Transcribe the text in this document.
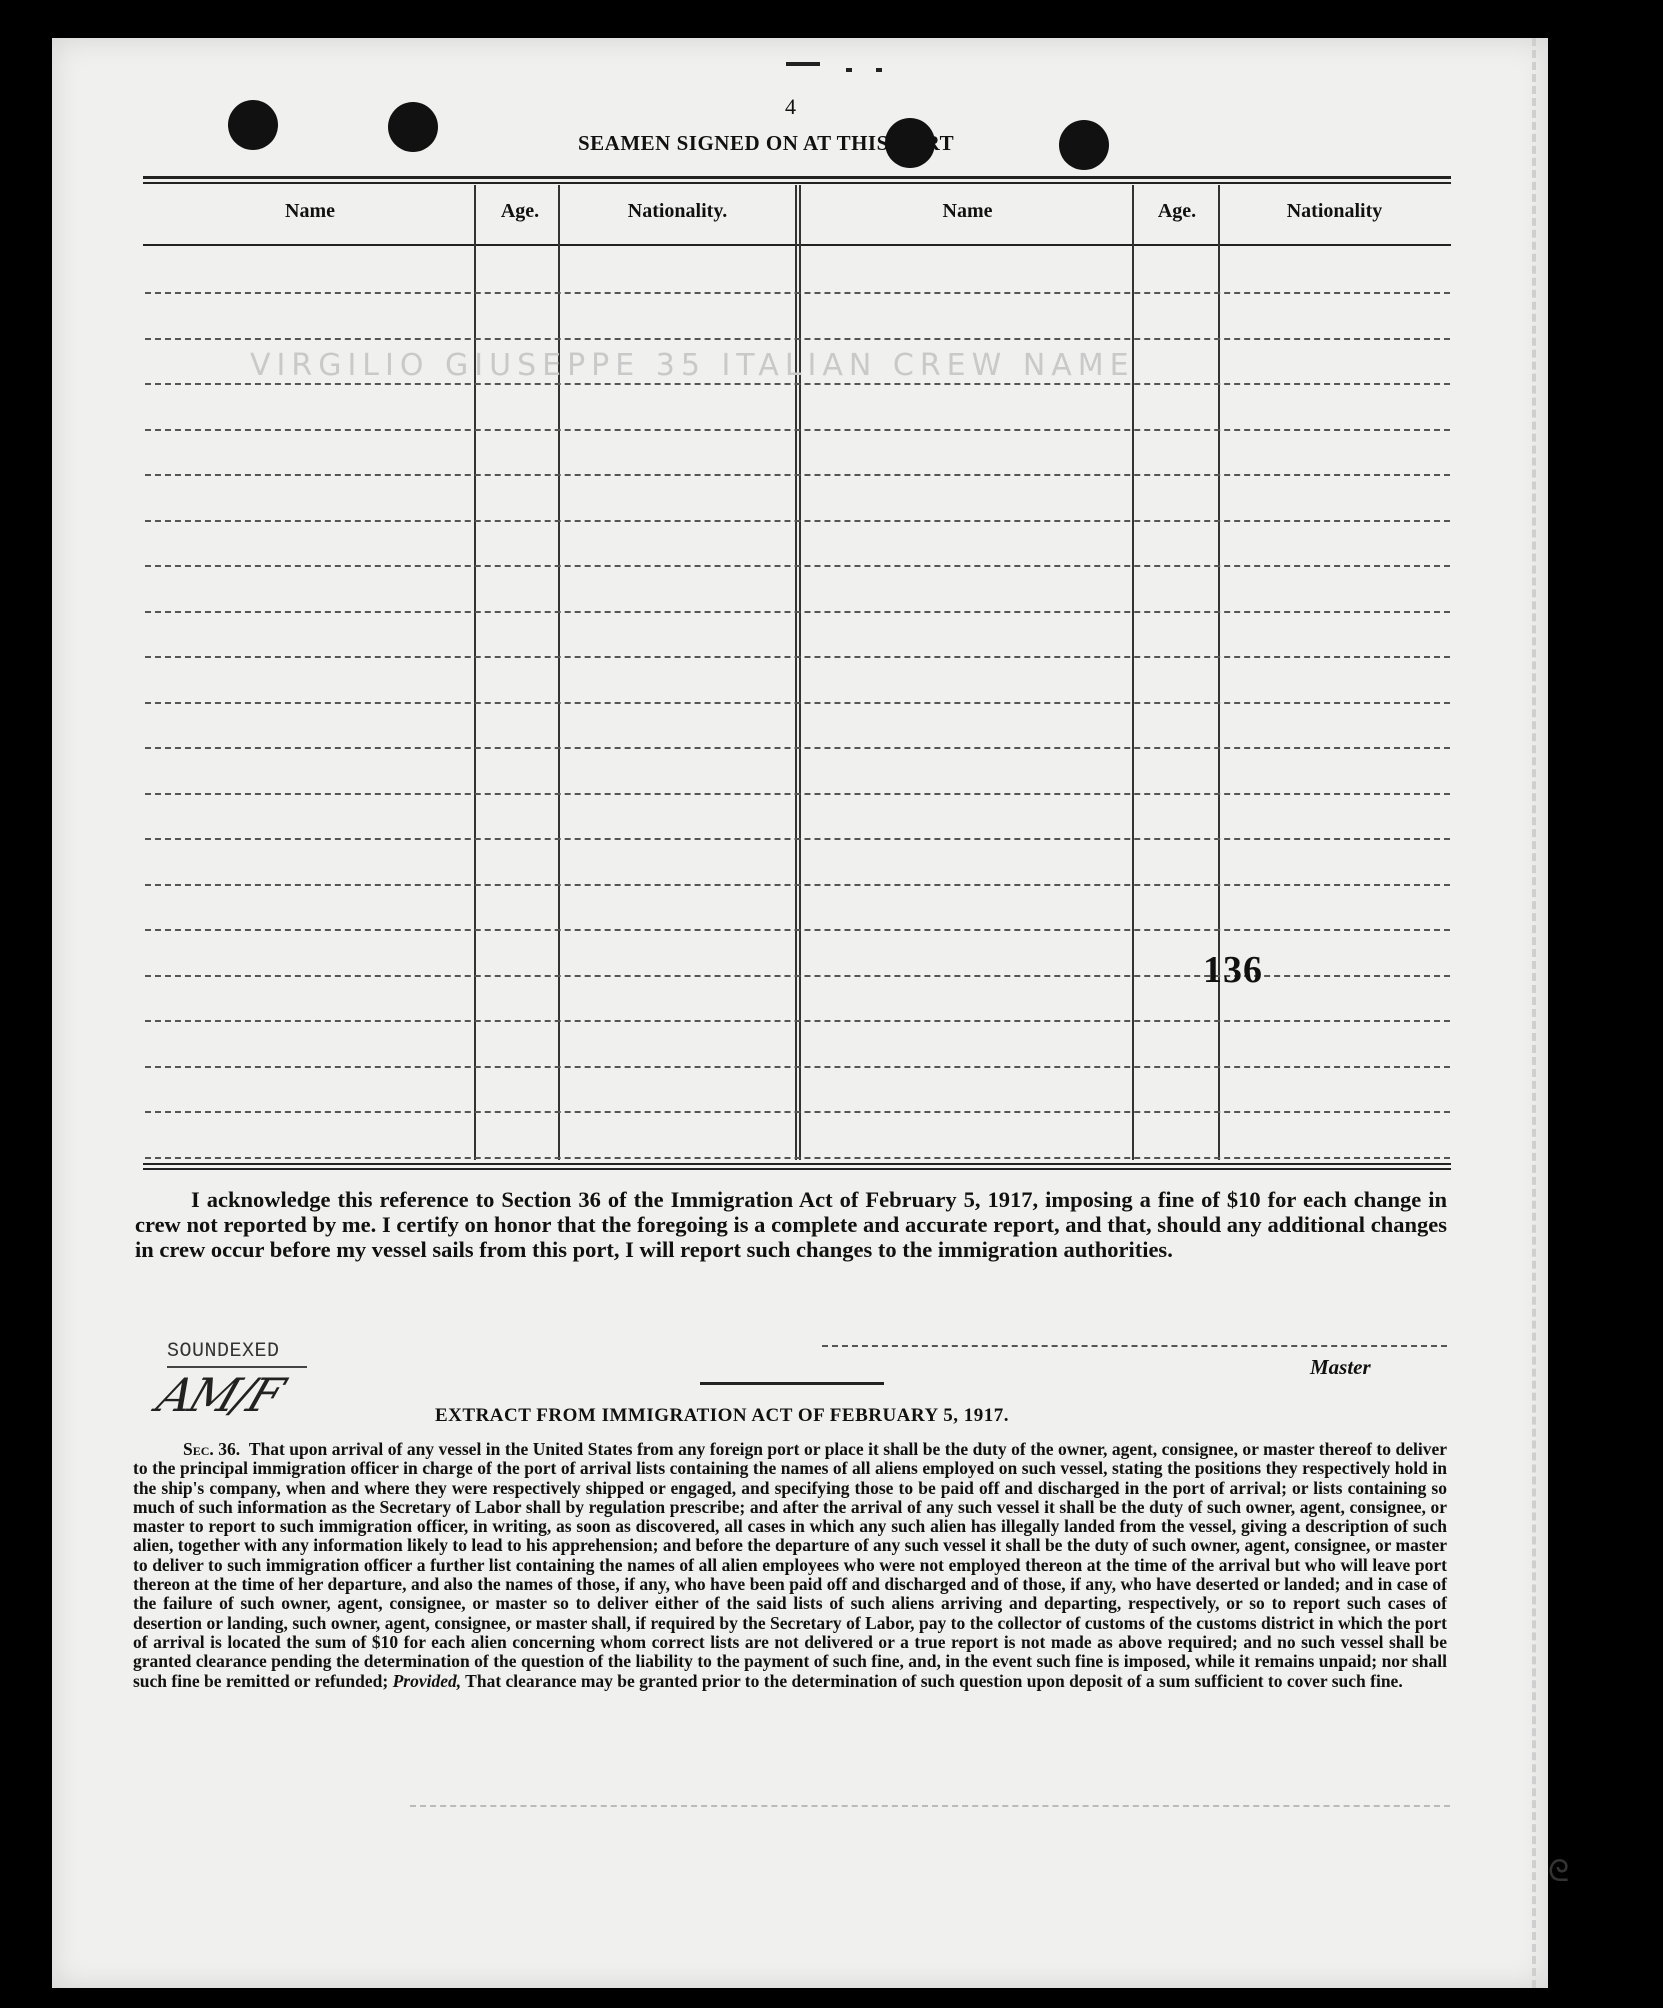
4
SEAMEN SIGNED ON AT THIS PORT
Name	Age.	Nationality.	Name	Age.	Nationality
VIRGILIO GIUSEPPE 35 ITALIAN CREW NAME
136

I acknowledge this reference to Section 36 of the Immigration Act of February 5, 1917, imposing a fine of $10 for each change in crew not reported by me. I certify on honor that the foregoing is a complete and accurate report, and that, should any additional changes in crew occur before my vessel sails from this port, I will report such changes to the immigration authorities.

SOUNDEXED
AM/F
Master
EXTRACT FROM IMMIGRATION ACT OF FEBRUARY 5, 1917.

Sec. 36. That upon arrival of any vessel in the United States from any foreign port or place it shall be the duty of the owner, agent, consignee, or master thereof to deliver to the principal immigration officer in charge of the port of arrival lists containing the names of all aliens employed on such vessel, stating the positions they respectively hold in the ship's company, when and where they were respectively shipped or engaged, and specifying those to be paid off and discharged in the port of arrival; or lists containing so much of such information as the Secretary of Labor shall by regulation prescribe; and after the arrival of any such vessel it shall be the duty of such owner, agent, consignee, or master to report to such immigration officer, in writing, as soon as discovered, all cases in which any such alien has illegally landed from the vessel, giving a description of such alien, together with any information likely to lead to his apprehension; and before the departure of any such vessel it shall be the duty of such owner, agent, consignee, or master to deliver to such immigration officer a further list containing the names of all alien employees who were not employed thereon at the time of the arrival but who will leave port thereon at the time of her departure, and also the names of those, if any, who have been paid off and discharged and of those, if any, who have deserted or landed; and in case of the failure of such owner, agent, consignee, or master so to deliver either of the said lists of such aliens arriving and departing, respectively, or so to report such cases of desertion or landing, such owner, agent, consignee, or master shall, if required by the Secretary of Labor, pay to the collector of customs of the customs district in which the port of arrival is located the sum of $10 for each alien concerning whom correct lists are not delivered or a true report is not made as above required; and no such vessel shall be granted clearance pending the determination of the question of the liability to the payment of such fine, and, in the event such fine is imposed, while it remains unpaid; nor shall such fine be remitted or refunded; Provided, That clearance may be granted prior to the determination of such question upon deposit of a sum sufficient to cover such fine.

ᘓ
